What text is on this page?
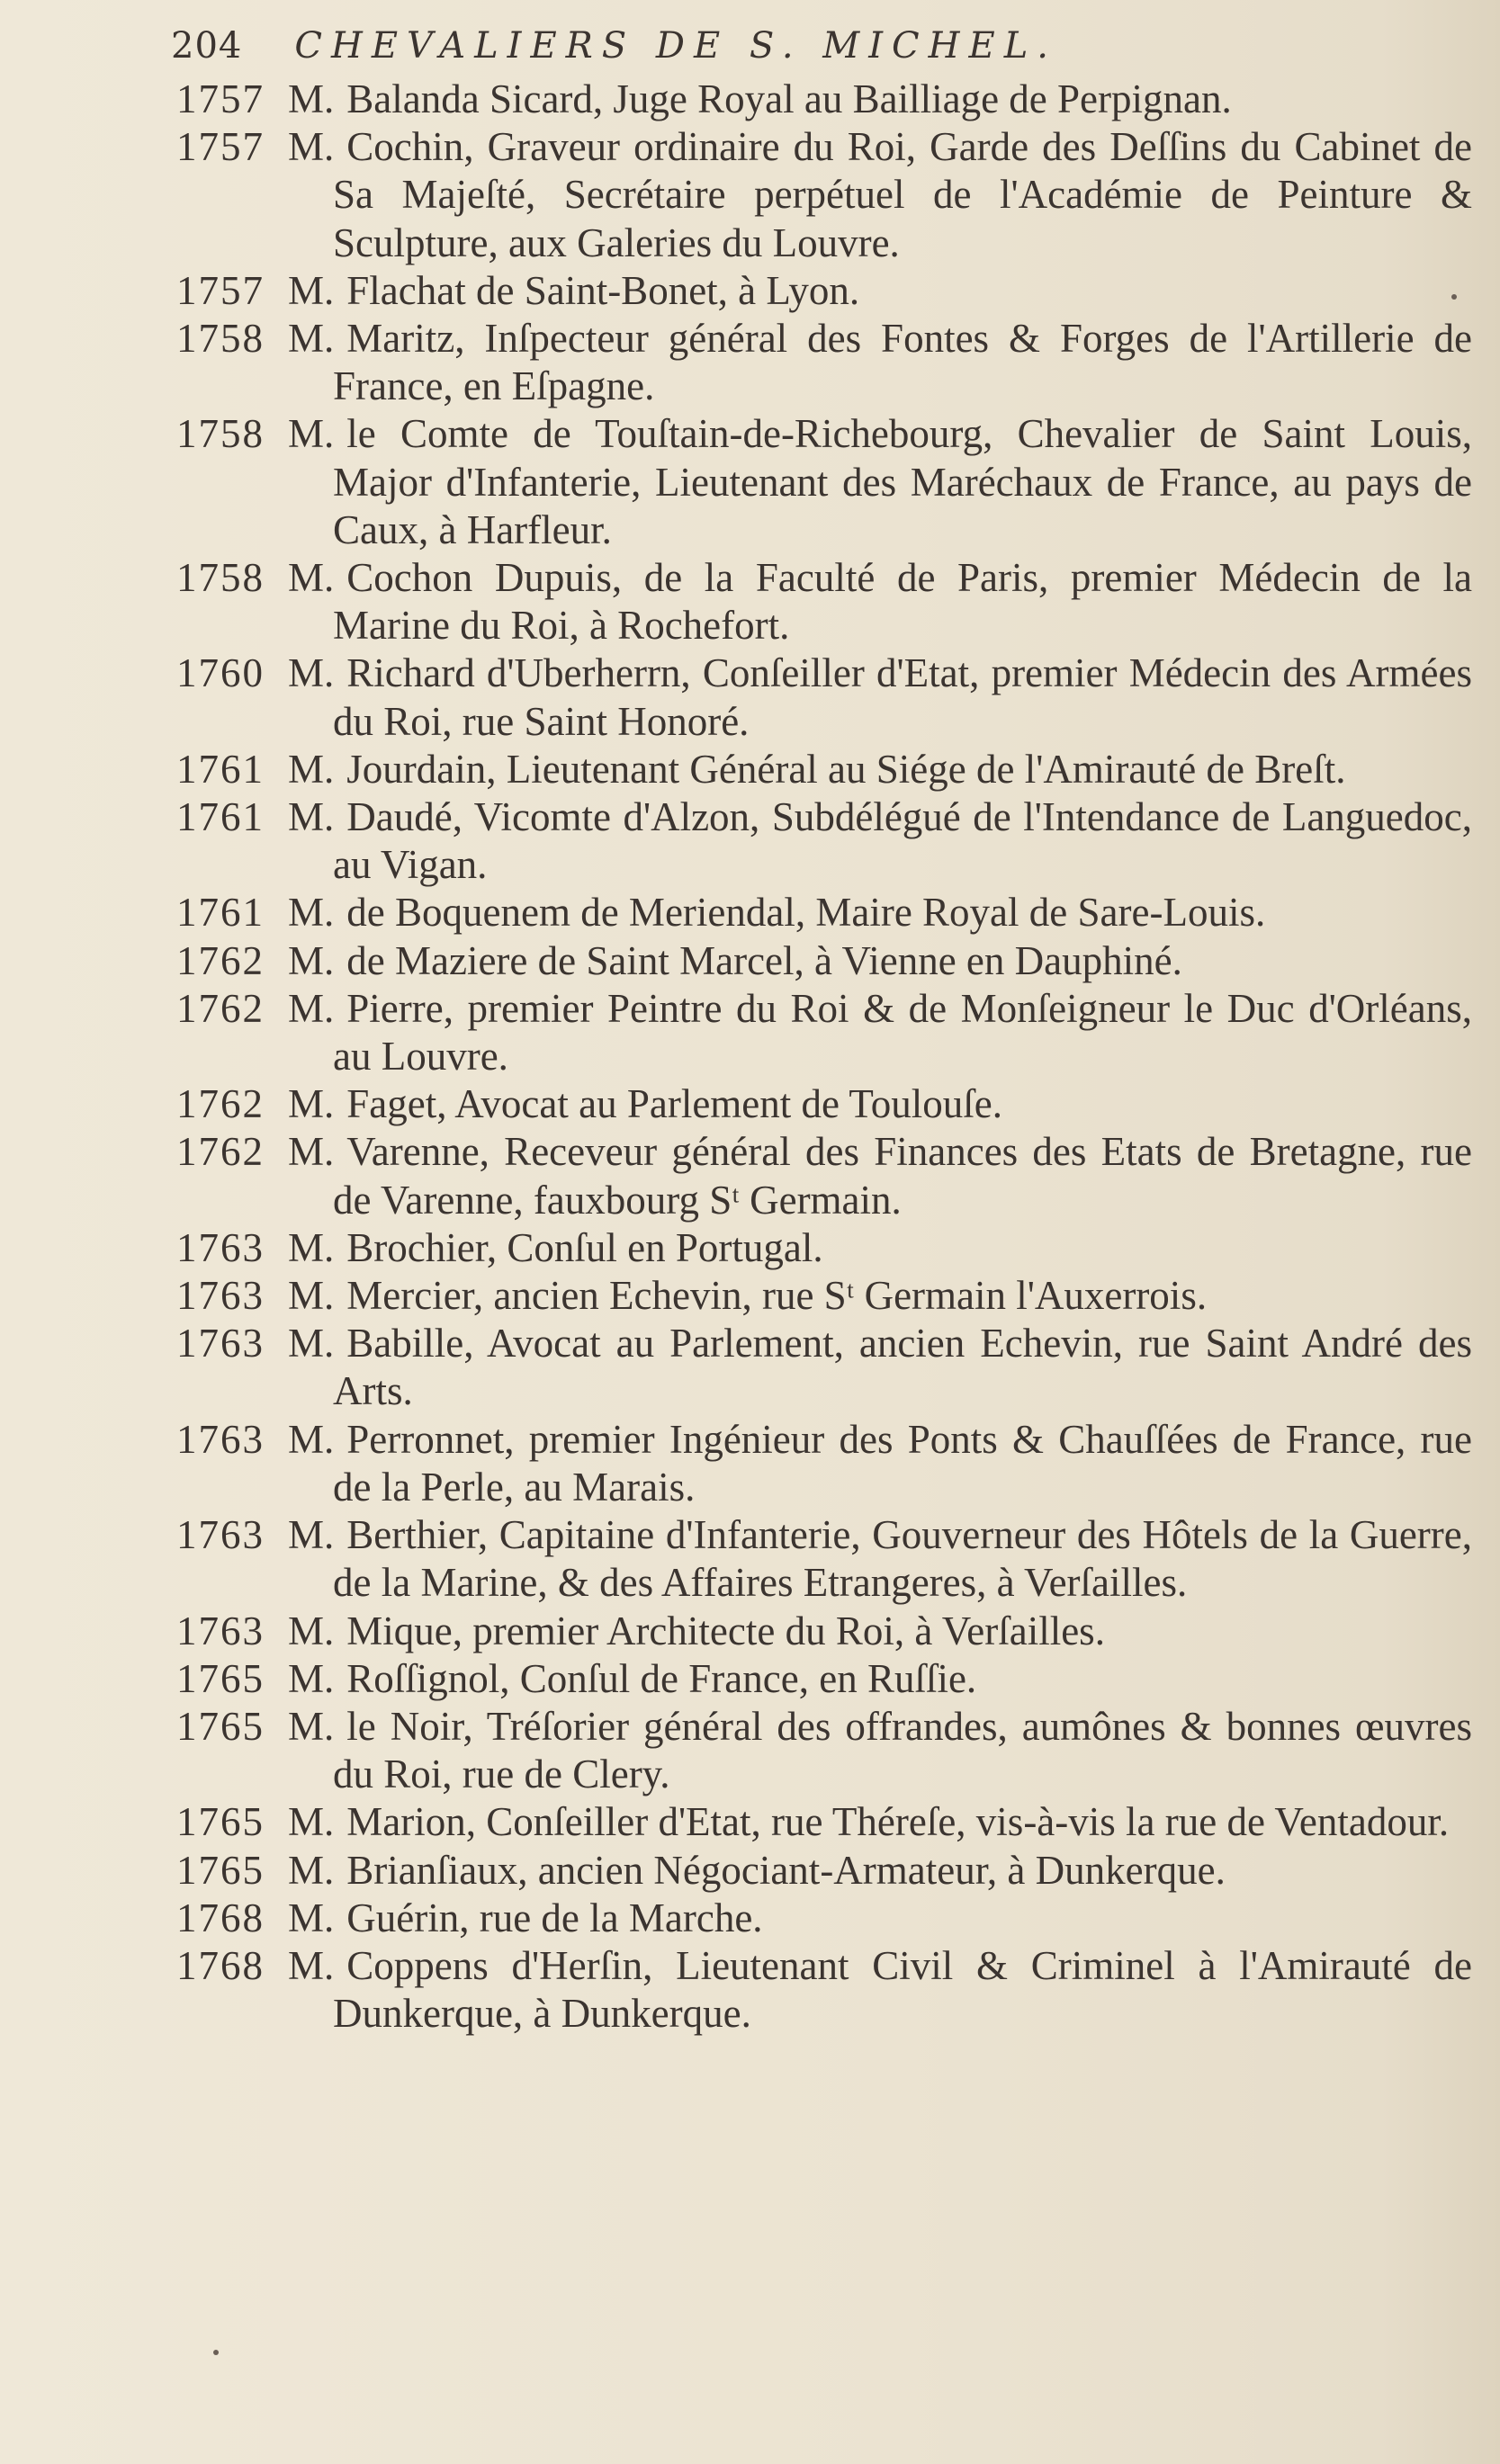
204 CHEVALIERS DE S. MICHEL.
1757 M. Balanda Sicard, Juge Royal au Bailliage de Perpignan.
1757 M. Cochin, Graveur ordinaire du Roi, Garde des Deſſins du Cabinet de Sa Majeſté, Secrétaire perpétuel de l'Académie de Peinture & Sculpture, aux Galeries du Louvre.
1757 M. Flachat de Saint-Bonet, à Lyon.
1758 M. Maritz, Inſpecteur général des Fontes & Forges de l'Artillerie de France, en Eſpagne.
1758 M. le Comte de Touſtain-de-Richebourg, Chevalier de Saint Louis, Major d'Infanterie, Lieutenant des Maréchaux de France, au pays de Caux, à Harfleur.
1758 M. Cochon Dupuis, de la Faculté de Paris, premier Médecin de la Marine du Roi, à Rochefort.
1760 M. Richard d'Uberherrn, Conſeiller d'Etat, premier Médecin des Armées du Roi, rue Saint Honoré.
1761 M. Jourdain, Lieutenant Général au Siége de l'Amirauté de Breſt.
1761 M. Daudé, Vicomte d'Alzon, Subdélégué de l'Intendance de Languedoc, au Vigan.
1761 M. de Boquenem de Meriendal, Maire Royal de Sare-Louis.
1762 M. de Maziere de Saint Marcel, à Vienne en Dauphiné.
1762 M. Pierre, premier Peintre du Roi & de Monſeigneur le Duc d'Orléans, au Louvre.
1762 M. Faget, Avocat au Parlement de Toulouſe.
1762 M. Varenne, Receveur général des Finances des Etats de Bretagne, rue de Varenne, fauxbourg Sᵗ Germain.
1763 M. Brochier, Conſul en Portugal.
1763 M. Mercier, ancien Echevin, rue Sᵗ Germain l'Auxerrois.
1763 M. Babille, Avocat au Parlement, ancien Echevin, rue Saint André des Arts.
1763 M. Perronnet, premier Ingénieur des Ponts & Chauſſées de France, rue de la Perle, au Marais.
1763 M. Berthier, Capitaine d'Infanterie, Gouverneur des Hôtels de la Guerre, de la Marine, & des Affaires Etrangeres, à Verſailles.
1763 M. Mique, premier Architecte du Roi, à Verſailles.
1765 M. Roſſignol, Conſul de France, en Ruſſie.
1765 M. le Noir, Tréſorier général des offrandes, aumônes & bonnes œuvres du Roi, rue de Clery.
1765 M. Marion, Conſeiller d'Etat, rue Théreſe, vis-à-vis la rue de Ventadour.
1765 M. Brianſiaux, ancien Négociant-Armateur, à Dunkerque.
1768 M. Guérin, rue de la Marche.
1768 M. Coppens d'Herſin, Lieutenant Civil & Criminel à l'Amirauté de Dunkerque, à Dunkerque.
